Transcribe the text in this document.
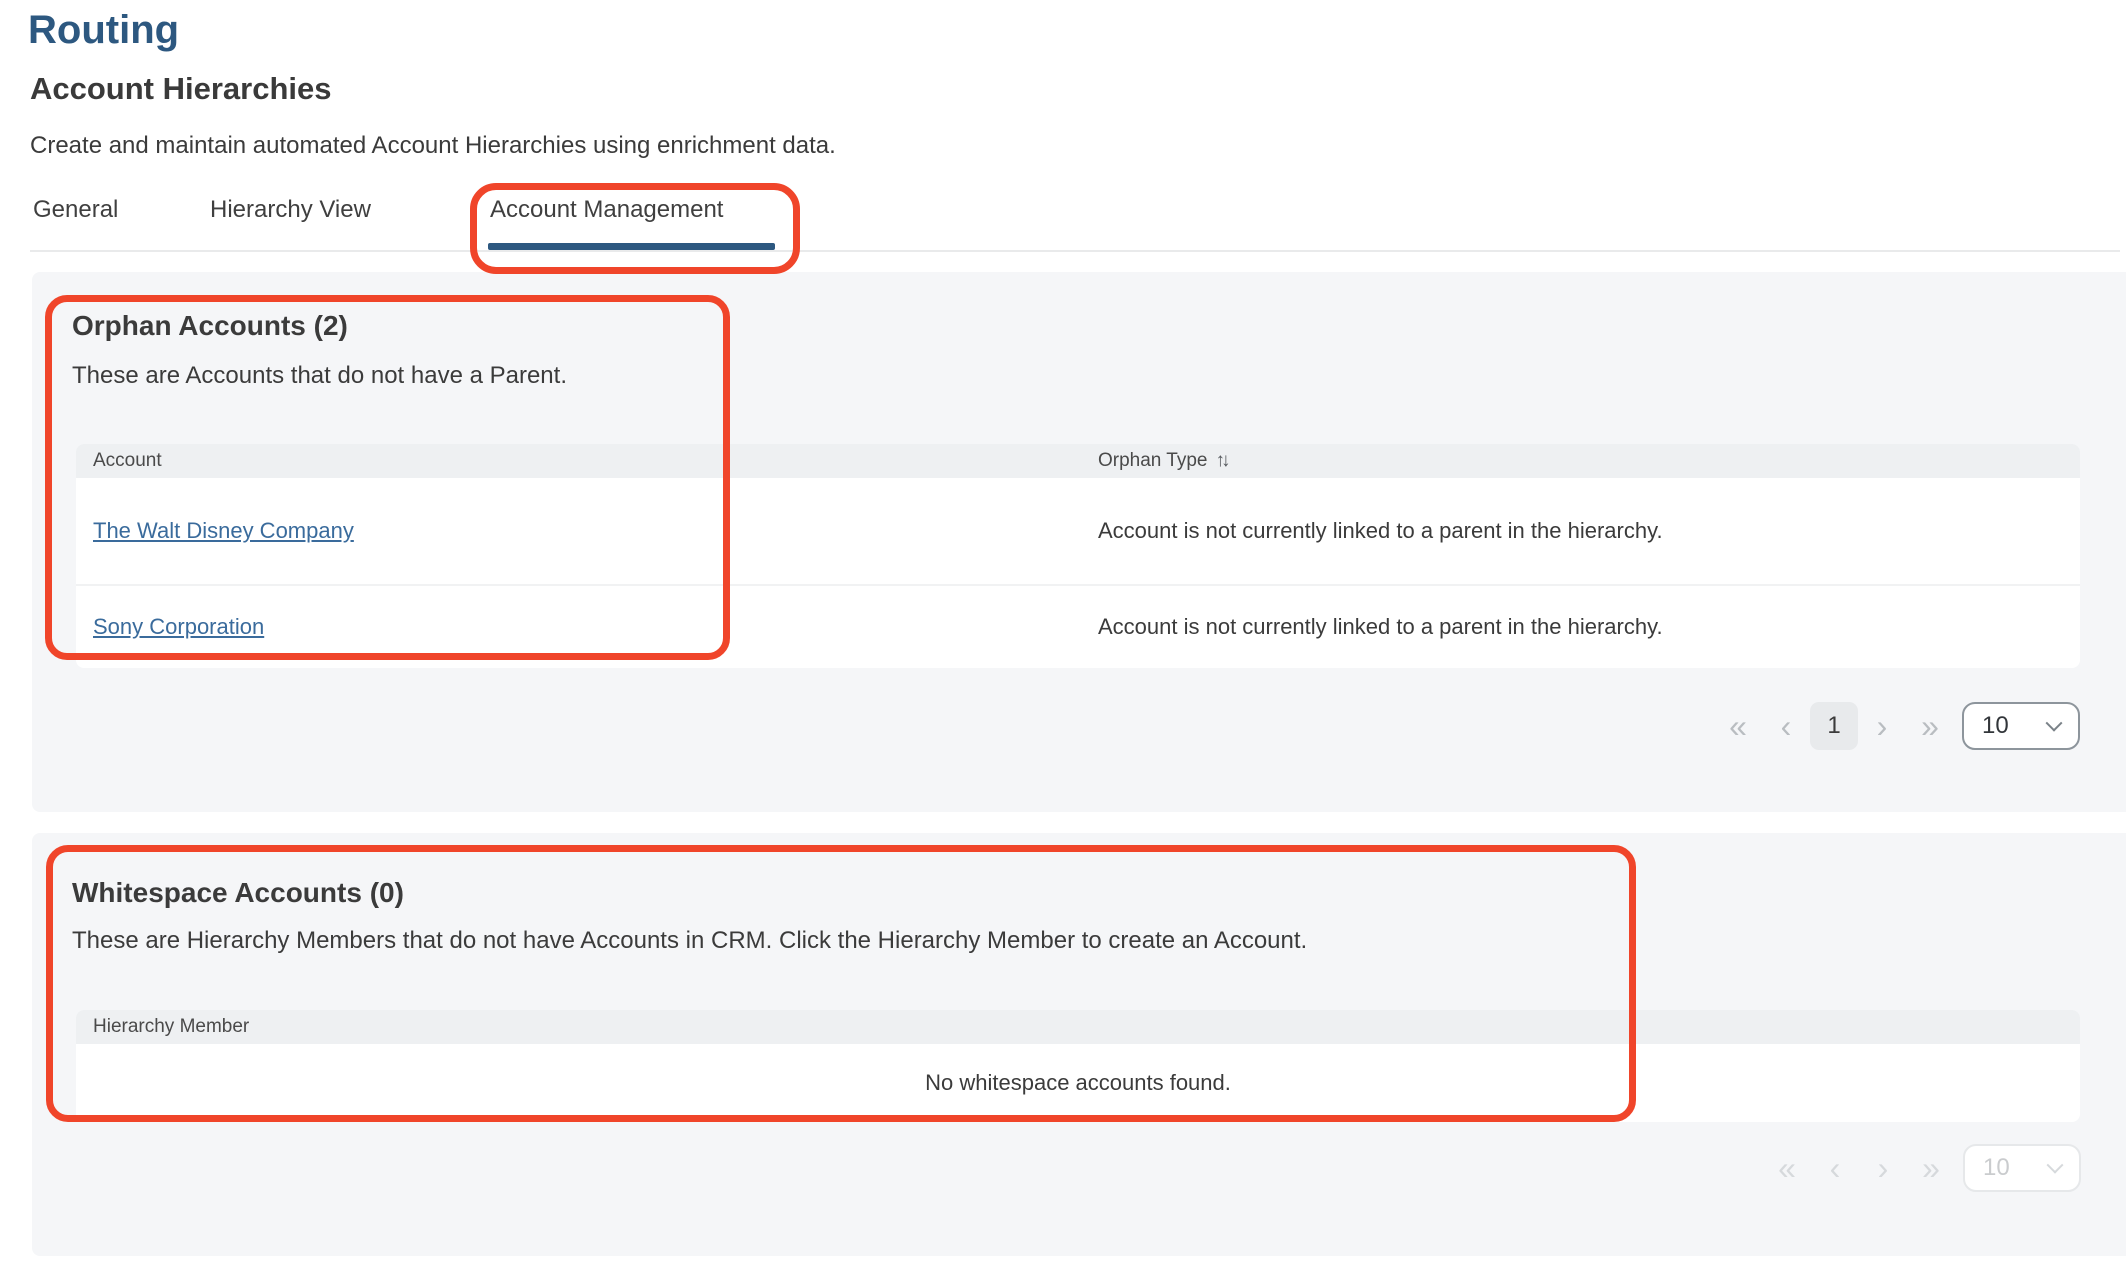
Routing
Account Hierarchies

Create and maintain automated Account Hierarchies using enrichment data.

General	Hierarchy View	Account Management
Orphan Accounts (2)

These are Accounts that do not have a Parent.

Account	Orphan Type ↑↓
The Walt Disney Company	Account is not currently linked to a parent in the hierarchy.
Sony Corporation	Account is not currently linked to a parent in the hierarchy.
«	‹	1	›	»	10
Whitespace Accounts (0)

These are Hierarchy Members that do not have Accounts in CRM. Click the Hierarchy Member to create an Account.

Hierarchy Member
No whitespace accounts found.
«	‹	›	»	10
